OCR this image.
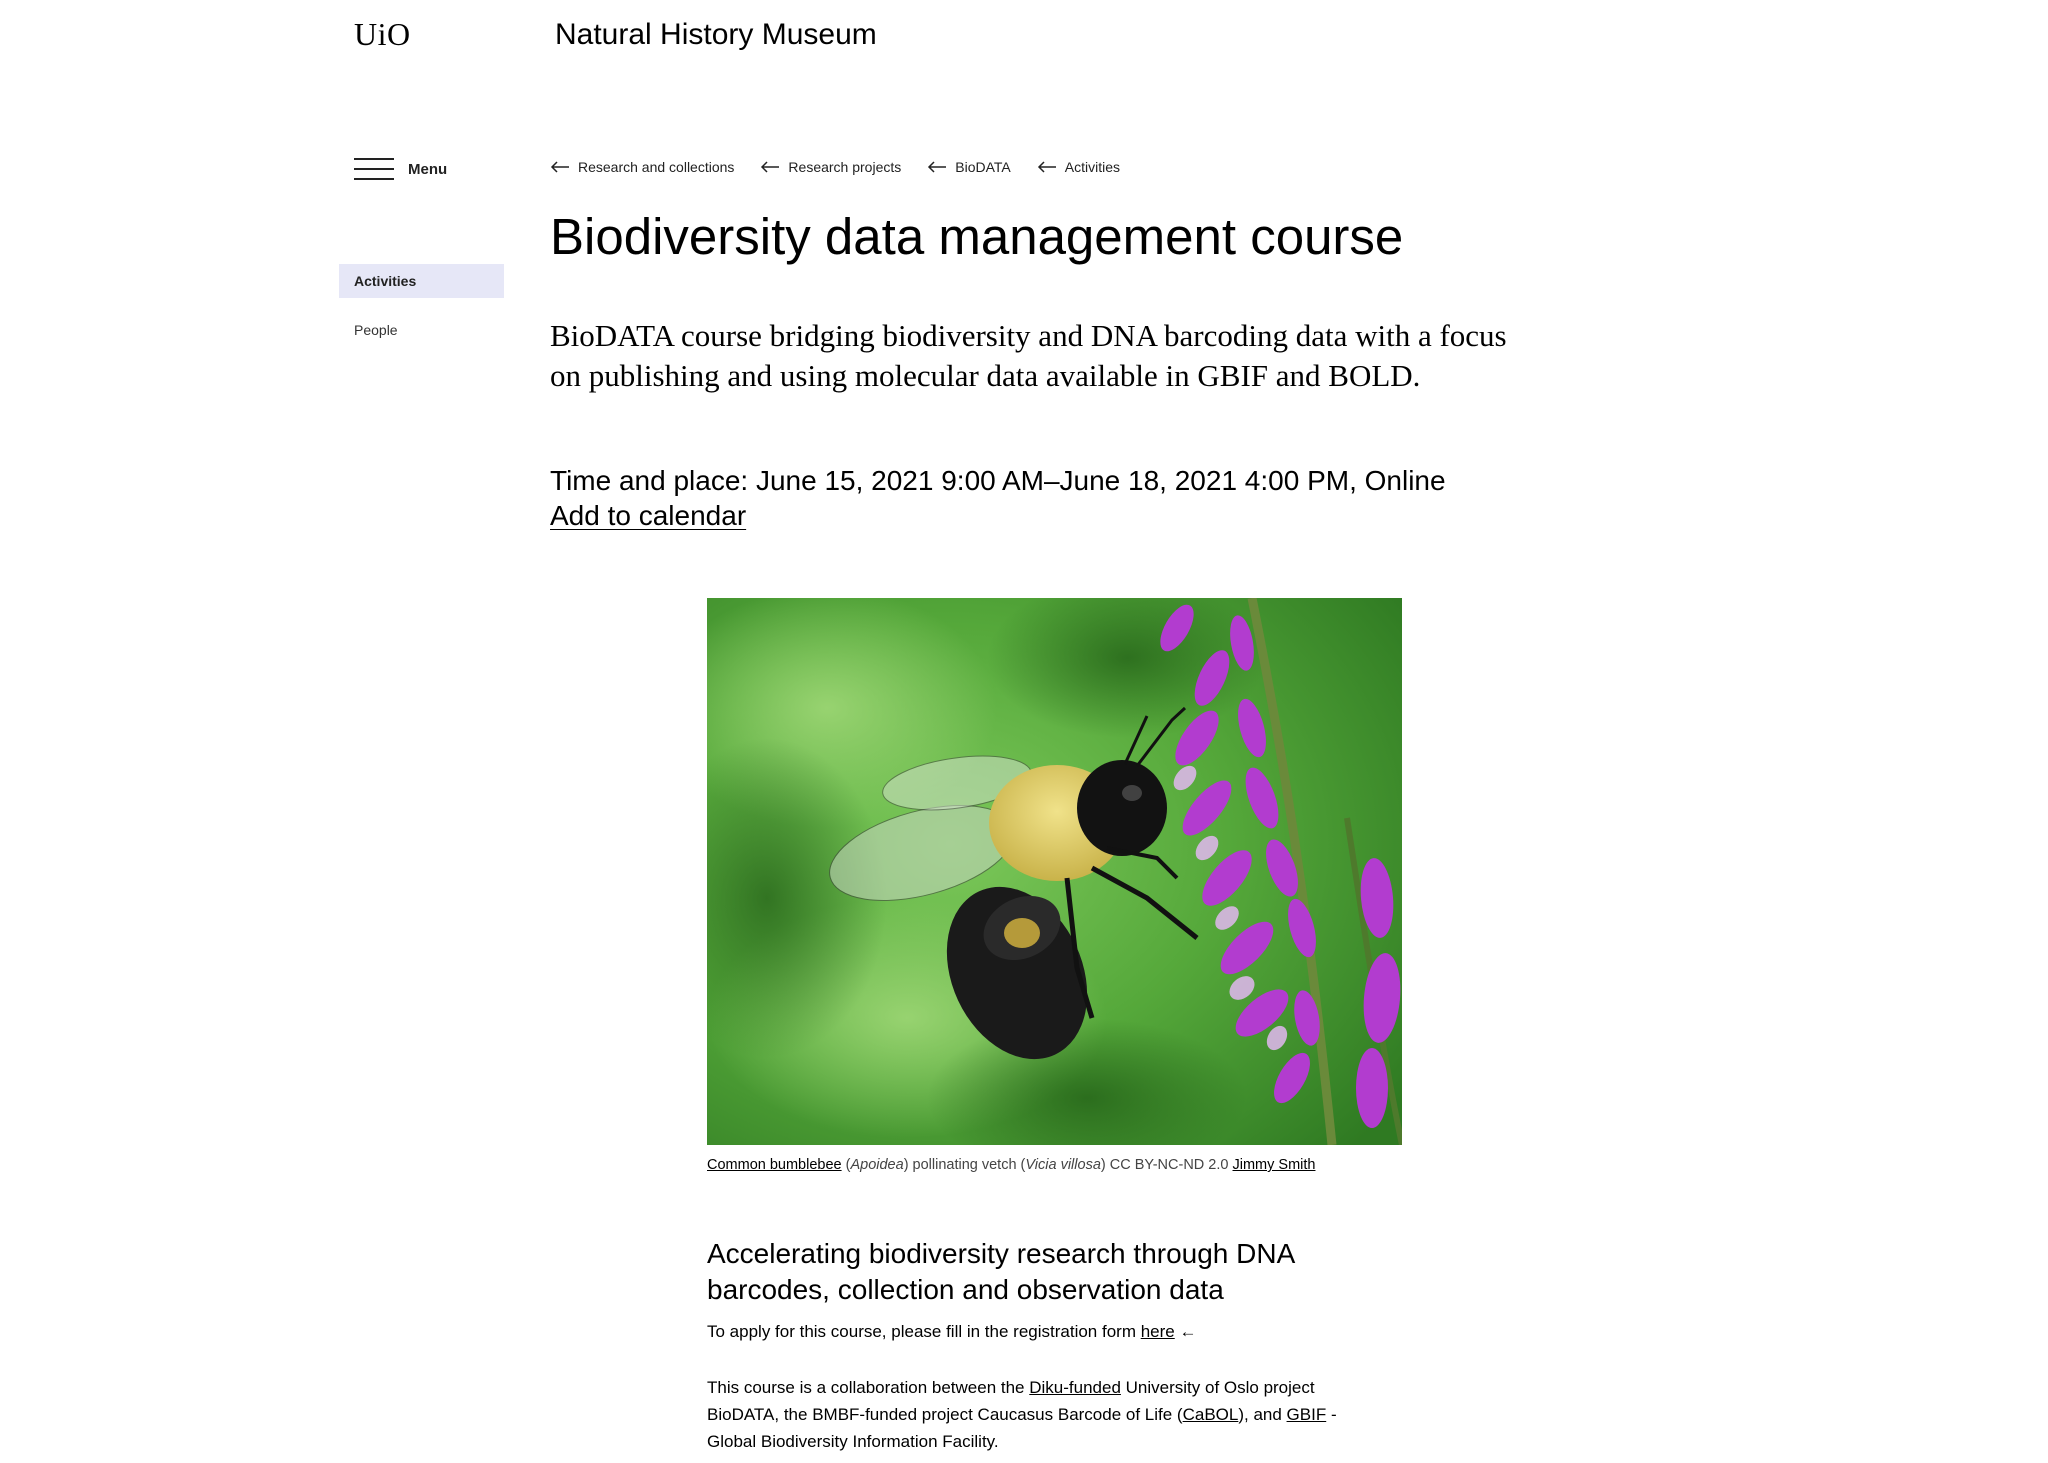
UiO	Natural History Museum
Menu
Activities
People
Research and collections	Research projects	BioDATA	Activities
Biodiversity data management course
BioDATA course bridging biodiversity and DNA barcoding data with a focus on publishing and using molecular data available in GBIF and BOLD.
Time and place: June 15, 2021 9:00 AM–June 18, 2021 4:00 PM, Online
Add to calendar
Common bumblebee (Apoidea) pollinating vetch (Vicia villosa) CC BY-NC-ND 2.0 Jimmy Smith
Accelerating biodiversity research through DNA barcodes, collection and observation data
To apply for this course, please fill in the registration form here ←
This course is a collaboration between the Diku-funded University of Oslo project BioDATA, the BMBF-funded project Caucasus Barcode of Life (CaBOL), and GBIF - Global Biodiversity Information Facility.
